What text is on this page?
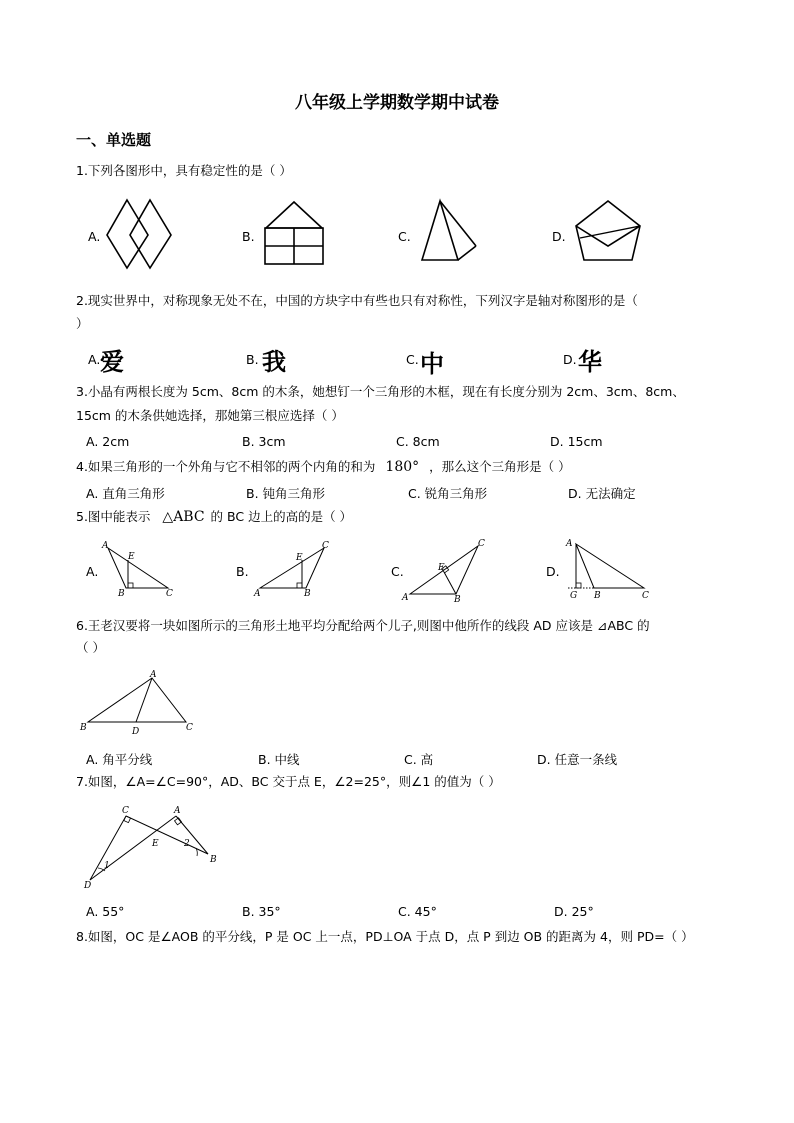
八年级上学期数学期中试卷
一、单选题
1.下列各图形中，具有稳定性的是（ ）
A.	B.	C.	D.
2.现实世界中，对称现象无处不在，中国的方块字中有些也只有对称性，下列汉字是轴对称图形的是（
）
A. 爱	B. 我	C. 中	D. 华
3.小晶有两根长度为 5cm、8cm 的木条，她想钉一个三角形的木框，现在有长度分别为 2cm、3cm、8cm、
15cm 的木条供她选择，那她第三根应选择（ ）
A. 2cm	B. 3cm	C. 8cm	D. 15cm
4.如果三角形的一个外角与它不相邻的两个内角的和为 180° ，那么这个三角形是（ ）
A. 直角三角形	B. 钝角三角形	C. 锐角三角形	D. 无法确定
5.图中能表示 △ABC 的 BC 边上的高的是（ ）
A.	B.	C.	D.
A
E
B	C	A
E
B
C
A
E
B
C	A
G B	C
6.王老汉要将一块如图所示的三角形土地平均分配给两个儿子,则图中他所作的线段 AD 应该是 ⊿ABC 的
（ ）
A
B	D	C
A. 角平分线	B. 中线	C. 高	D. 任意一条线
7.如图，∠A=∠C=90°，AD、BC 交于点 E，∠2=25°，则∠1 的值为（ ）
C	A
E
B
D
1
2
A. 55°	B. 35°	C. 45°	D. 25°
8.如图，OC 是∠AOB 的平分线，P 是 OC 上一点，PD⊥OA 于点 D，点 P 到边 OB 的距离为 4，则 PD=（ ）
